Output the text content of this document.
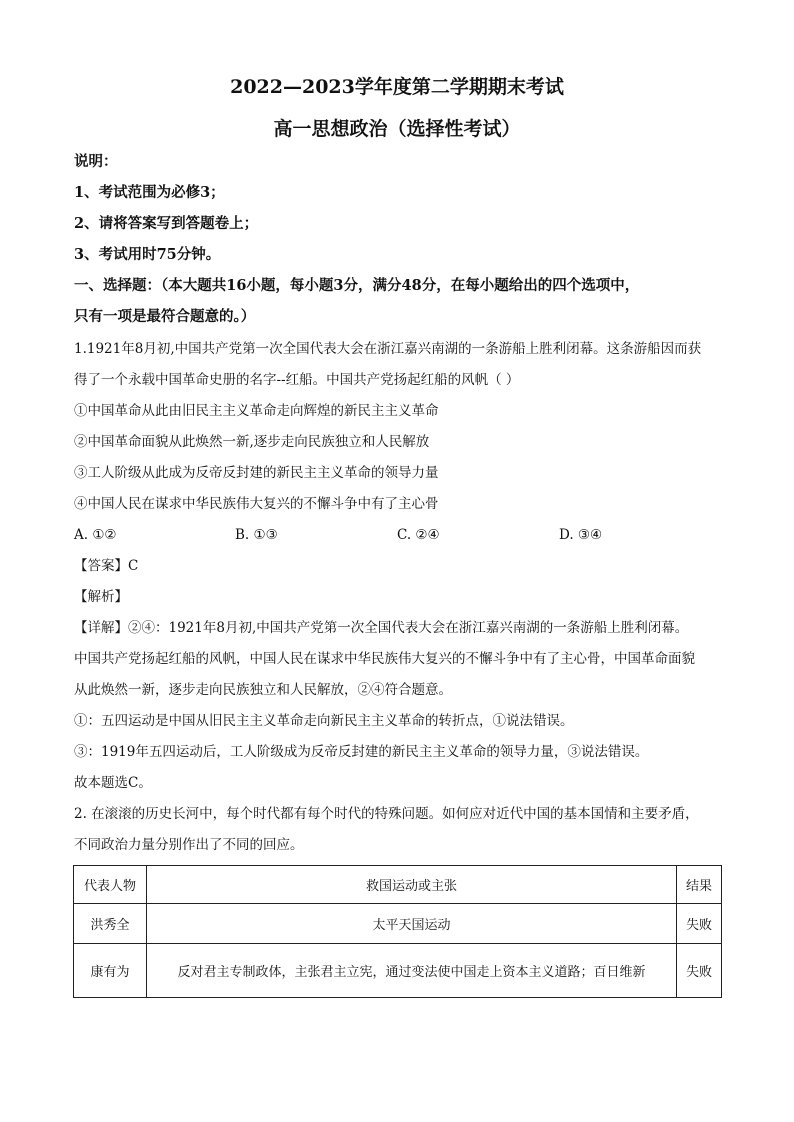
2022—2023学年度第二学期期末考试
高一思想政治（选择性考试）
说明：
1、考试范围为必修3；
2、请将答案写到答题卷上；
3、考试用时75分钟。
一、选择题：（本大题共16小题，每小题3分，满分48分，在每小题给出的四个选项中，
只有一项是最符合题意的。）
1.1921年8月初,中国共产党第一次全国代表大会在浙江嘉兴南湖的一条游船上胜利闭幕。这条游船因而获
得了一个永载中国革命史册的名字--红船。中国共产党扬起红船的风帆（ ）
①中国革命从此由旧民主主义革命走向辉煌的新民主主义革命
②中国革命面貌从此焕然一新,逐步走向民族独立和人民解放
③工人阶级从此成为反帝反封建的新民主主义革命的领导力量
④中国人民在谋求中华民族伟大复兴的不懈斗争中有了主心骨
A. ①②	B. ①③	C. ②④	D. ③④
【答案】C
【解析】
【详解】②④：1921年8月初,中国共产党第一次全国代表大会在浙江嘉兴南湖的一条游船上胜利闭幕。
中国共产党扬起红船的风帆，中国人民在谋求中华民族伟大复兴的不懈斗争中有了主心骨，中国革命面貌
从此焕然一新，逐步走向民族独立和人民解放，②④符合题意。
①：五四运动是中国从旧民主主义革命走向新民主主义革命的转折点，①说法错误。
③：1919年五四运动后，工人阶级成为反帝反封建的新民主主义革命的领导力量，③说法错误。
故本题选C。
2. 在滚滚的历史长河中，每个时代都有每个时代的特殊问题。如何应对近代中国的基本国情和主要矛盾，
不同政治力量分别作出了不同的回应。
代表人物	救国运动或主张	结果
洪秀全	太平天国运动	失败
康有为	反对君主专制政体，主张君主立宪，通过变法使中国走上资本主义道路；百日维新	失败
